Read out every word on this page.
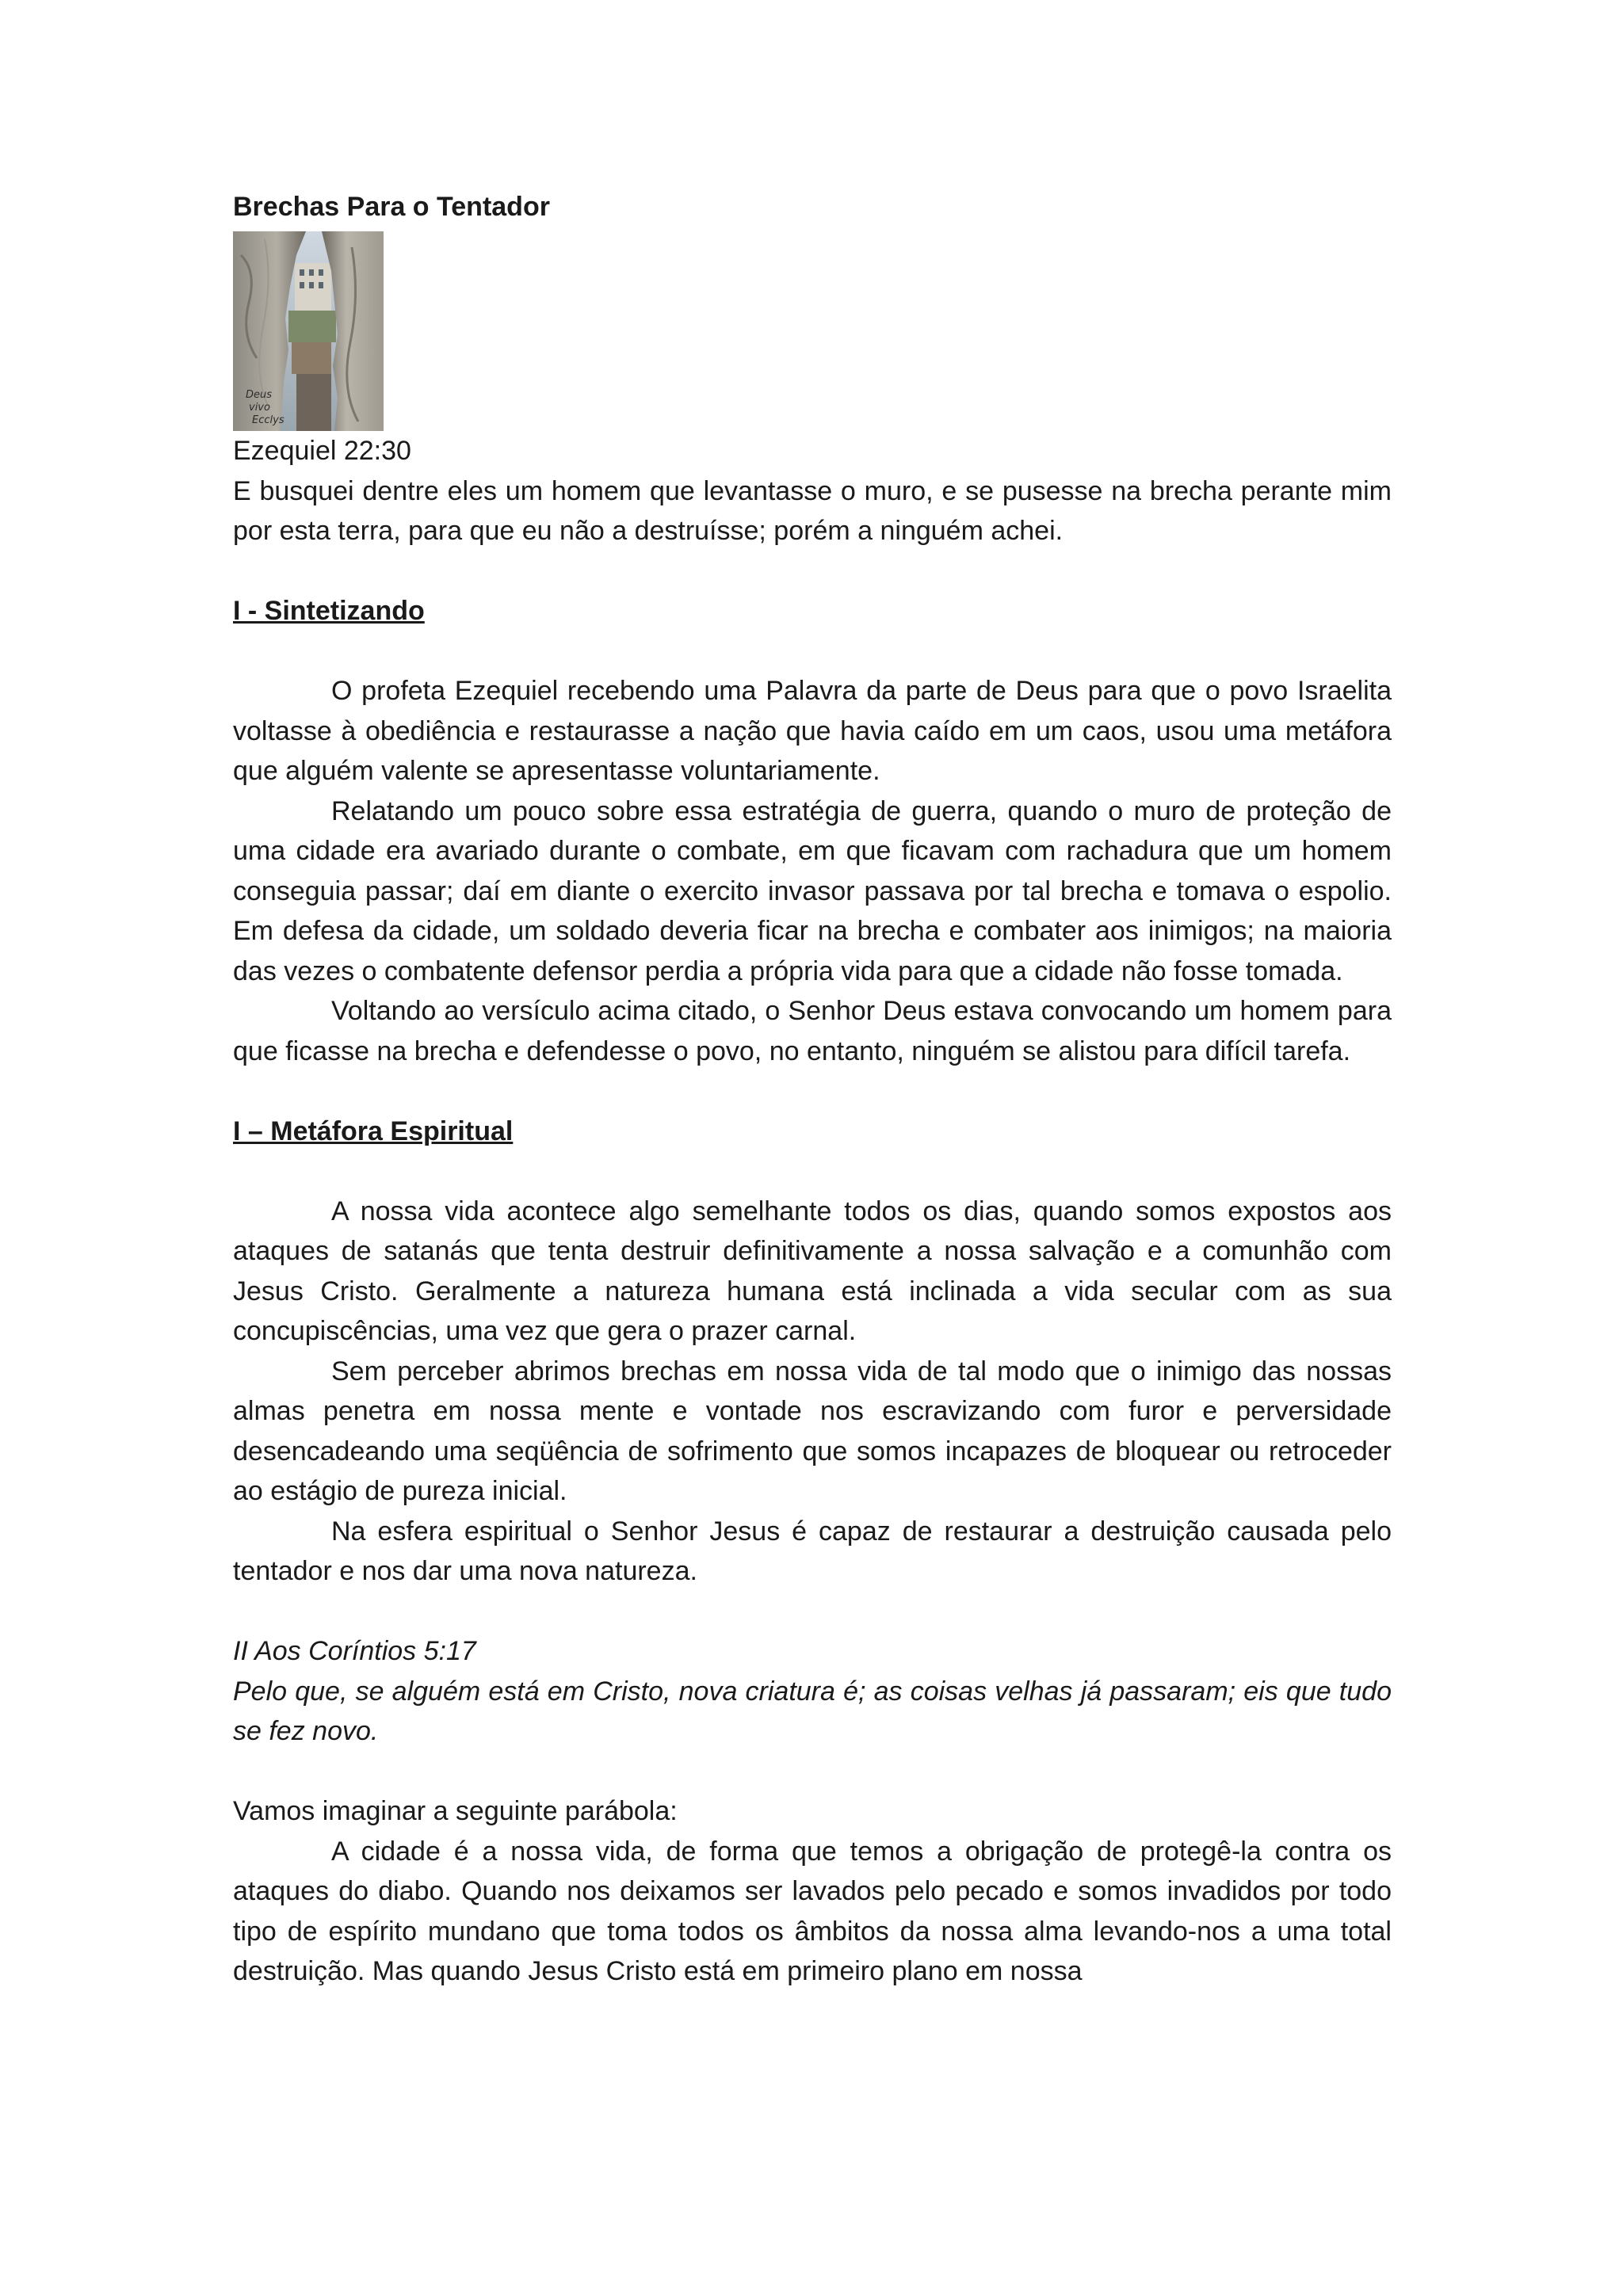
Brechas Para o Tentador

Deus
vivo
Ecclys

Ezequiel 22:30

E busquei dentre eles um homem que levantasse o muro, e se pusesse na brecha perante mim por esta terra, para que eu não a destruísse; porém a ninguém achei.

I - Sintetizando

O profeta Ezequiel recebendo uma Palavra da parte de Deus para que o povo Israelita voltasse à obediência e restaurasse a nação que havia caído em um caos, usou uma metáfora que alguém valente se apresentasse voluntariamente.

Relatando um pouco sobre essa estratégia de guerra, quando o muro de proteção de uma cidade era avariado durante o combate, em que ficavam com rachadura que um homem conseguia passar; daí em diante o exercito invasor passava por tal brecha e tomava o espolio. Em defesa da cidade, um soldado deveria ficar na brecha e combater aos inimigos; na maioria das vezes o combatente defensor perdia a própria vida para que a cidade não fosse tomada.

Voltando ao versículo acima citado, o Senhor Deus estava convocando um homem para que ficasse na brecha e defendesse o povo, no entanto, ninguém se alistou para difícil tarefa.

I – Metáfora Espiritual

A nossa vida acontece algo semelhante todos os dias, quando somos expostos aos ataques de satanás que tenta destruir definitivamente a nossa salvação e a comunhão com Jesus Cristo. Geralmente a natureza humana está inclinada a vida secular com as sua concupiscências, uma vez que gera o prazer carnal.

Sem perceber abrimos brechas em nossa vida de tal modo que o inimigo das nossas almas penetra em nossa mente e vontade nos escravizando com furor e perversidade desencadeando uma seqüência de sofrimento que somos incapazes de bloquear ou retroceder ao estágio de pureza inicial.

Na esfera espiritual o Senhor Jesus é capaz de restaurar a destruição causada pelo tentador e nos dar uma nova natureza.

II Aos Coríntios 5:17

Pelo que, se alguém está em Cristo, nova criatura é; as coisas velhas já passaram; eis que tudo se fez novo.

Vamos imaginar a seguinte parábola:

A cidade é a nossa vida, de forma que temos a obrigação de protegê-la contra os ataques do diabo. Quando nos deixamos ser lavados pelo pecado e somos invadidos por todo tipo de espírito mundano que toma todos os âmbitos da nossa alma levando-nos a uma total destruição. Mas quando Jesus Cristo está em primeiro plano em nossa
